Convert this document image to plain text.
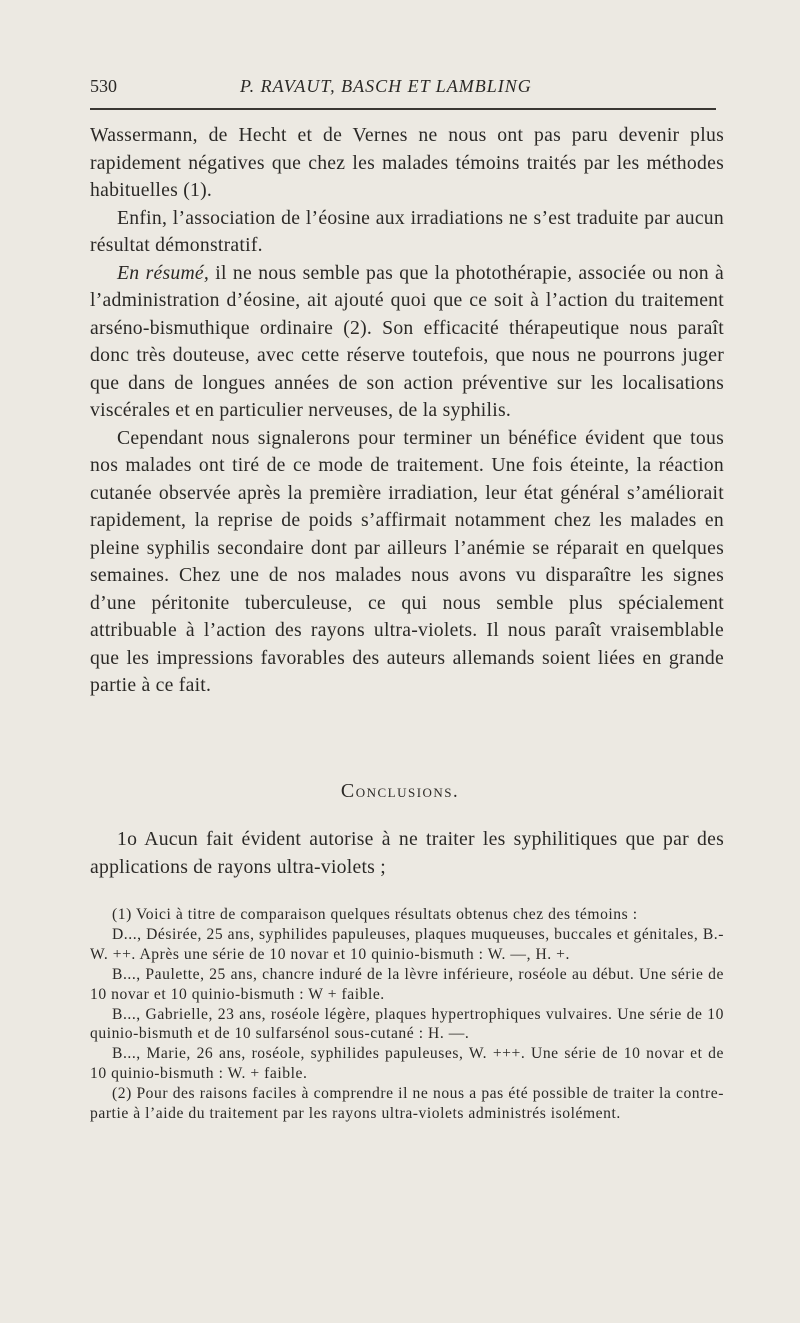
530	P. RAVAUT, BASCH ET LAMBLING

Wassermann, de Hecht et de Vernes ne nous ont pas paru devenir plus rapidement négatives que chez les malades témoins traités par les méthodes habituelles (1).

Enfin, l’association de l’éosine aux irradiations ne s’est traduite par aucun résultat démonstratif.

En résumé, il ne nous semble pas que la photothérapie, associée ou non à l’administration d’éosine, ait ajouté quoi que ce soit à l’action du traitement arséno-bismuthique ordinaire (2). Son efficacité thérapeutique nous paraît donc très douteuse, avec cette réserve toutefois, que nous ne pourrons juger que dans de longues années de son action préventive sur les localisations viscérales et en particulier nerveuses, de la syphilis.

Cependant nous signalerons pour terminer un bénéfice évident que tous nos malades ont tiré de ce mode de traitement. Une fois éteinte, la réaction cutanée observée après la première irradiation, leur état général s’améliorait rapidement, la reprise de poids s’affirmait notamment chez les malades en pleine syphilis secondaire dont par ailleurs l’anémie se réparait en quelques semaines. Chez une de nos malades nous avons vu disparaître les signes d’une péritonite tuberculeuse, ce qui nous semble plus spécialement attribuable à l’action des rayons ultra-violets. Il nous paraît vraisemblable que les impressions favorables des auteurs allemands soient liées en grande partie à ce fait.

Conclusions.
1o Aucun fait évident autorise à ne traiter les syphilitiques que par des applications de rayons ultra-violets ;

(1) Voici à titre de comparaison quelques résultats obtenus chez des témoins :

D..., Désirée, 25 ans, syphilides papuleuses, plaques muqueuses, buccales et génitales, B.-W. ++. Après une série de 10 novar et 10 quinio-bismuth : W. —, H. +.

B..., Paulette, 25 ans, chancre induré de la lèvre inférieure, roséole au début. Une série de 10 novar et 10 quinio-bismuth : W + faible.

B..., Gabrielle, 23 ans, roséole légère, plaques hypertrophiques vulvaires. Une série de 10 quinio-bismuth et de 10 sulfarsénol sous-cutané : H. —.

B..., Marie, 26 ans, roséole, syphilides papuleuses, W. +++. Une série de 10 novar et de 10 quinio-bismuth : W. + faible.

(2) Pour des raisons faciles à comprendre il ne nous a pas été possible de traiter la contre-partie à l’aide du traitement par les rayons ultra-violets administrés isolément.
